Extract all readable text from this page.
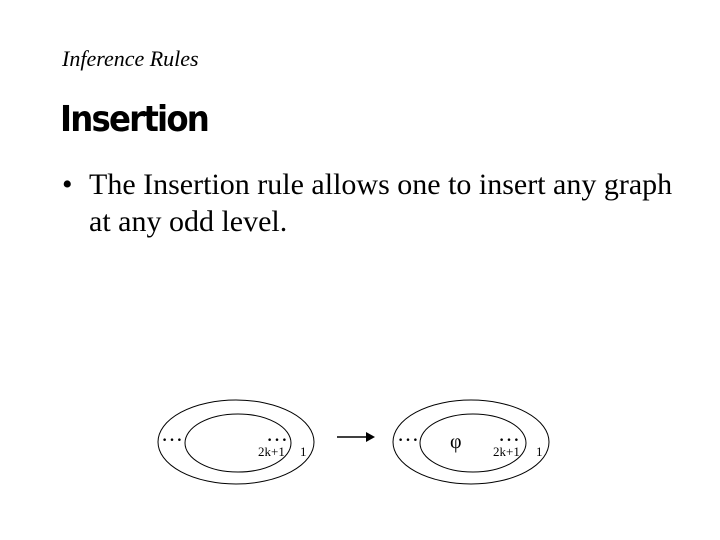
Inference Rules
Insertion
• The Insertion rule allows one to insert any graph at any odd level.
…	…
2k+1 1
… φ …
2k+1 1
